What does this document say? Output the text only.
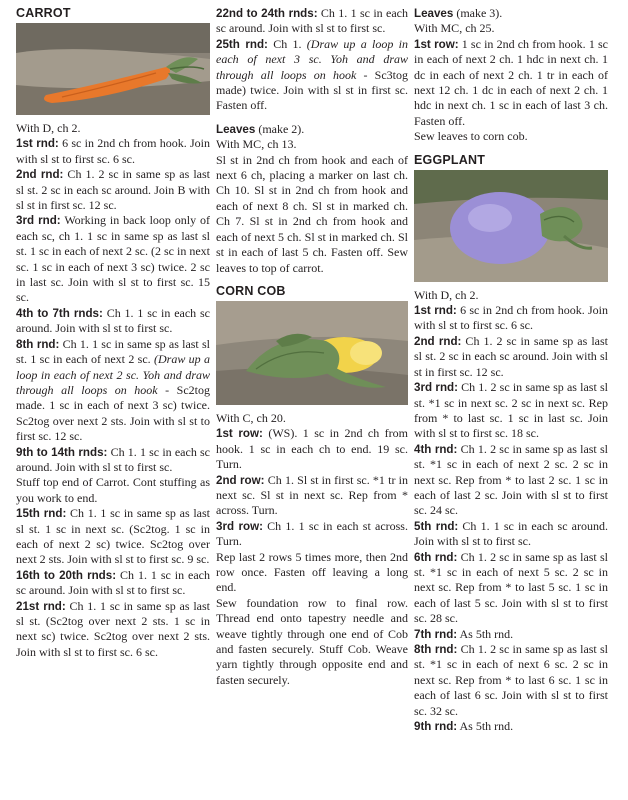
CARROT

With D, ch 2.

1st rnd: 6 sc in 2nd ch from hook. Join with sl st to first sc. 6 sc.

2nd rnd: Ch 1. 2 sc in same sp as last sl st. 2 sc in each sc around. Join B with sl st in first sc. 12 sc.

3rd rnd: Working in back loop only of each sc, ch 1. 1 sc in same sp as last sl st. 1 sc in each of next 2 sc. (2 sc in next sc. 1 sc in each of next 3 sc) twice. 2 sc in last sc. Join with sl st to first sc. 15 sc.

4th to 7th rnds: Ch 1. 1 sc in each sc around. Join with sl st to first sc.

8th rnd: Ch 1. 1 sc in same sp as last sl st. 1 sc in each of next 2 sc. (Draw up a loop in each of next 2 sc. Yoh and draw through all loops on hook - Sc2tog made. 1 sc in each of next 3 sc) twice. Sc2tog over next 2 sts. Join with sl st to first sc. 12 sc.

9th to 14th rnds: Ch 1. 1 sc in each sc around. Join with sl st to first sc.

Stuff top end of Carrot. Cont stuffing as you work to end.

15th rnd: Ch 1. 1 sc in same sp as last sl st. 1 sc in next sc. (Sc2tog. 1 sc in each of next 2 sc) twice. Sc2tog over next 2 sts. Join with sl st to first sc. 9 sc.

16th to 20th rnds: Ch 1. 1 sc in each sc around. Join with sl st to first sc.

21st rnd: Ch 1. 1 sc in same sp as last sl st. (Sc2tog over next 2 sts. 1 sc in next sc) twice. Sc2tog over next 2 sts. Join with sl st to first sc. 6 sc.

22nd to 24th rnds: Ch 1. 1 sc in each sc around. Join with sl st to first sc.

25th rnd: Ch 1. (Draw up a loop in each of next 3 sc. Yoh and draw through all loops on hook - Sc3tog made) twice. Join with sl st in first sc. Fasten off.

Leaves (make 2).

With MC, ch 13.

Sl st in 2nd ch from hook and each of next 6 ch, placing a marker on last ch. Ch 10. Sl st in 2nd ch from hook and each of next 8 ch. Sl st in marked ch. Ch 7. Sl st in 2nd ch from hook and each of next 5 ch. Sl st in marked ch. Sl st in each of last 5 ch. Fasten off. Sew leaves to top of carrot.

CORN COB

With C, ch 20.

1st row: (WS). 1 sc in 2nd ch from hook. 1 sc in each ch to end. 19 sc. Turn.

2nd row: Ch 1. Sl st in first sc. *1 tr in next sc. Sl st in next sc. Rep from * across. Turn.

3rd row: Ch 1. 1 sc in each st across. Turn.

Rep last 2 rows 5 times more, then 2nd row once. Fasten off leaving a long end.

Sew foundation row to final row. Thread end onto tapestry needle and weave tightly through one end of Cob and fasten securely. Stuff Cob. Weave yarn tightly through opposite end and fasten securely.

Leaves (make 3).

With MC, ch 25.

1st row: 1 sc in 2nd ch from hook. 1 sc in each of next 2 ch. 1 hdc in next ch. 1 dc in each of next 2 ch. 1 tr in each of next 12 ch. 1 dc in each of next 2 ch. 1 hdc in next ch. 1 sc in each of last 3 ch. Fasten off.

Sew leaves to corn cob.

EGGPLANT

With D, ch 2.

1st rnd: 6 sc in 2nd ch from hook. Join with sl st to first sc. 6 sc.

2nd rnd: Ch 1. 2 sc in same sp as last sl st. 2 sc in each sc around. Join with sl st in first sc. 12 sc.

3rd rnd: Ch 1. 2 sc in same sp as last sl st. *1 sc in next sc. 2 sc in next sc. Rep from * to last sc. 1 sc in last sc. Join with sl st to first sc. 18 sc.

4th rnd: Ch 1. 2 sc in same sp as last sl st. *1 sc in each of next 2 sc. 2 sc in next sc. Rep from * to last 2 sc. 1 sc in each of last 2 sc. Join with sl st to first sc. 24 sc.

5th rnd: Ch 1. 1 sc in each sc around. Join with sl st to first sc.

6th rnd: Ch 1. 2 sc in same sp as last sl st. *1 sc in each of next 5 sc. 2 sc in next sc. Rep from * to last 5 sc. 1 sc in each of last 5 sc. Join with sl st to first sc. 28 sc.

7th rnd: As 5th rnd.

8th rnd: Ch 1. 2 sc in same sp as last sl st. *1 sc in each of next 6 sc. 2 sc in next sc. Rep from * to last 6 sc. 1 sc in each of last 6 sc. Join with sl st to first sc. 32 sc.

9th rnd: As 5th rnd.
